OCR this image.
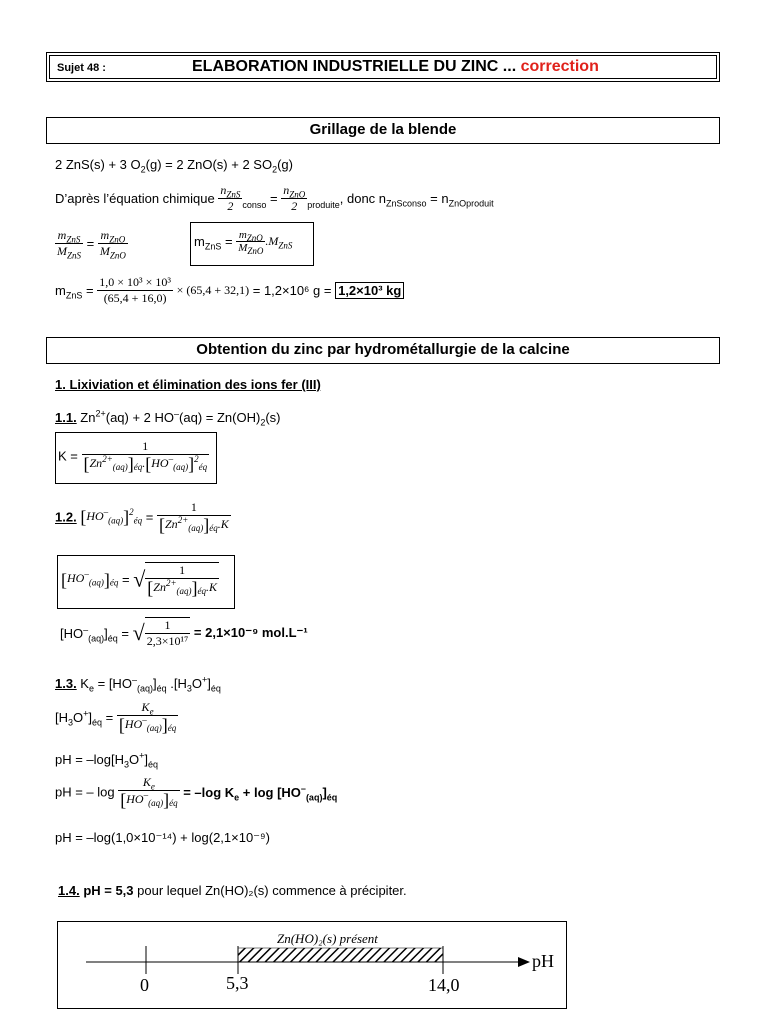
Sujet 48 :	ELABORATION INDUSTRIELLE DU ZINC ... correction
Grillage de la blende
2 ZnS(s) + 3 $O_2(g) = 2$ ZnO(s) + 2 $SO_2(g)$
D’après l’équation chimique $\frac{n_{ZnS}}{2} _{conso} = \frac{n_{ZnO}}{2} _{produite}$, donc $n_{ZnSconso} = n_{ZnOproduit}$
$\frac{m_{ZnS}}{M_{ZnS}} = \frac{m_{ZnO}}{M_{ZnO}}$	$m_{ZnS} = \frac{m_{ZnO}}{M_{ZnO}} .M_{ZnS}$
$m_{ZnS} = \frac{\text{1,0 × 10³ × 10³}}{(65,4 + 16,0)} \times (65,4 + 32,1) = 1,2\times 10^6$ g = 1,2×10³ kg
Obtention du zinc par hydrométallurgie de la calcine
1. Lixiviation et élimination des ions fer (III)
1.1. $Zn^{2+}(aq) + 2$ $HO^-(aq) = Zn(OH)_2(s)$
$K = \frac{1}{[Zn^{2+}_{(aq)}]_{éq}.[HO^-_{(aq)}]^2_{éq}}$
1.2. $[HO^-_{(aq)}]^2_{éq} = \frac{1}{[Zn^{2+}_{(aq)}]_{éq}.K}$
$[HO^-_{(aq)}]_{éq}$ = √ $\frac{1}{[Zn^{2+}_{(aq)}]_{éq}.K}$
$[HO^-_{(aq)}]_{éq}$ = √ $\frac{1}{\text{2,3×10¹⁷}} = 2,1\times 10^{-9}$ mol.L⁻¹
1.3. $K_e = [HO^-_{(aq)}]_{éq}$ $.[H_3O^+]_{éq}$
$[H_3O^+]_{éq} = \frac{K_e}{[HO^-_{(aq)}]_{éq}}$
pH = $-\log[H_3O^+]_{éq}$
pH = – $\log \frac{K_e}{[HO^-_{(aq)}]_{éq}} = -\log$ $K_e + \log [HO^-_{(aq)}]_{éq}$
pH = –log(1,0×10⁻¹⁴) + log(2,1×10⁻⁹)
1.4. pH = 5,3 pour lequel Zn(HO)₂(s) commence à précipiter.
Zn(HO)₂(s) présent
pH
0	5,3	14,0
